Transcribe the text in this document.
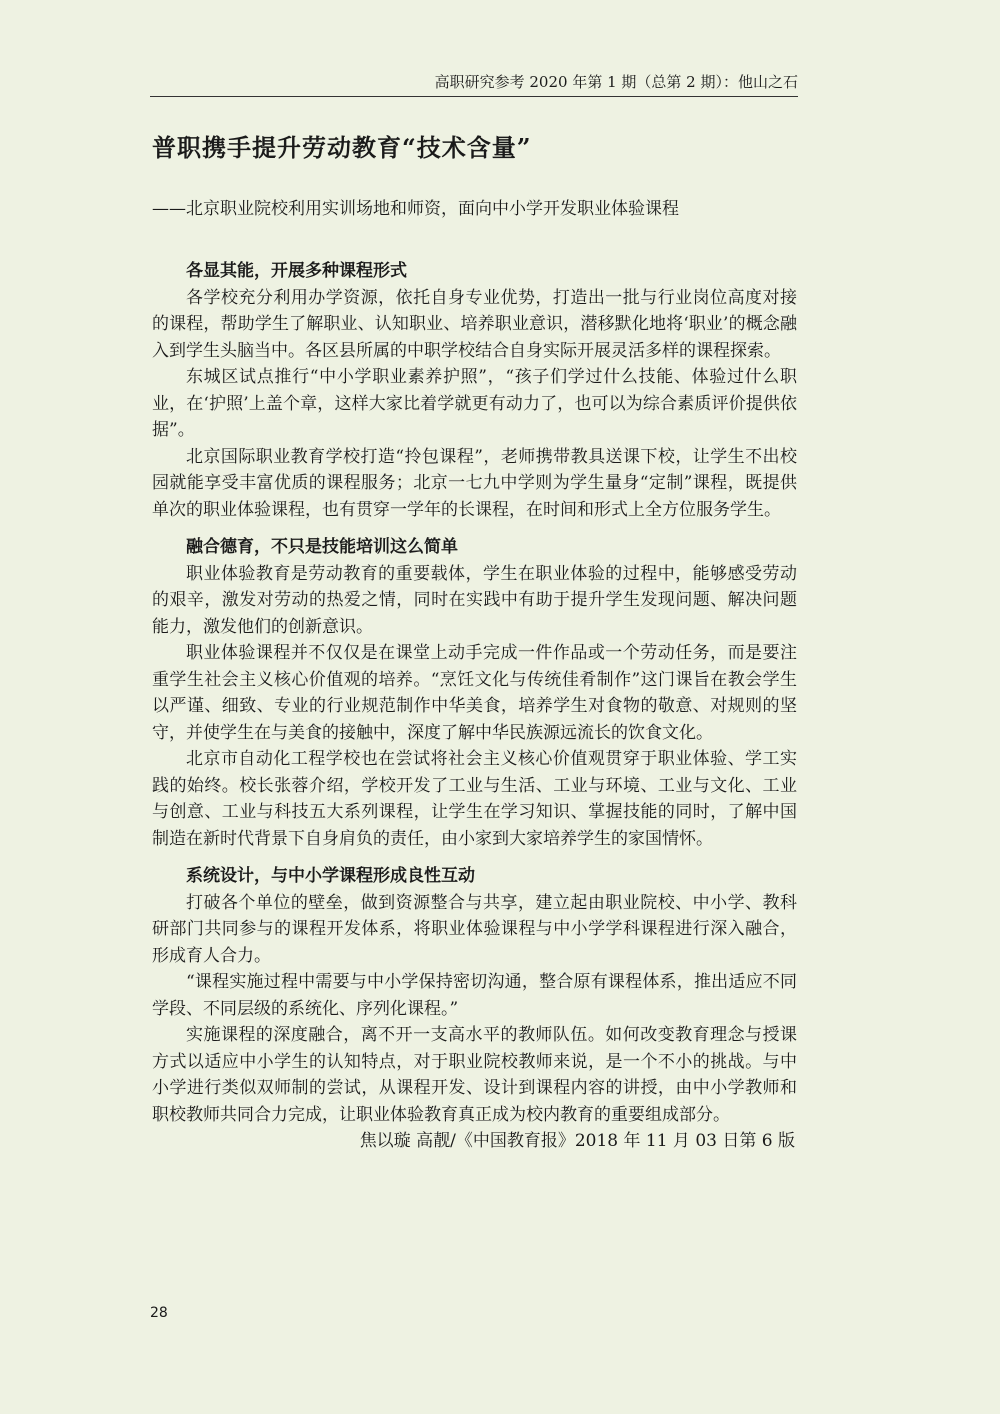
高职研究参考 2020 年第 1 期（总第 2 期）：他山之石
普职携手提升劳动教育“技术含量”
——北京职业院校利用实训场地和师资，面向中小学开发职业体验课程

各显其能，开展多种课程形式

各学校充分利用办学资源，依托自身专业优势，打造出一批与行业岗位高度对接的课程，帮助学生了解职业、认知职业、培养职业意识，潜移默化地将‘职业’的概念融入到学生头脑当中。各区县所属的中职学校结合自身实际开展灵活多样的课程探索。

东城区试点推行“中小学职业素养护照”，“孩子们学过什么技能、体验过什么职业，在‘护照’上盖个章，这样大家比着学就更有动力了，也可以为综合素质评价提供依据”。

北京国际职业教育学校打造“拎包课程”，老师携带教具送课下校，让学生不出校园就能享受丰富优质的课程服务；北京一七九中学则为学生量身“定制”课程，既提供单次的职业体验课程，也有贯穿一学年的长课程，在时间和形式上全方位服务学生。

融合德育，不只是技能培训这么简单

职业体验教育是劳动教育的重要载体，学生在职业体验的过程中，能够感受劳动的艰辛，激发对劳动的热爱之情，同时在实践中有助于提升学生发现问题、解决问题能力，激发他们的创新意识。

职业体验课程并不仅仅是在课堂上动手完成一件作品或一个劳动任务，而是要注重学生社会主义核心价值观的培养。“烹饪文化与传统佳肴制作”这门课旨在教会学生以严谨、细致、专业的行业规范制作中华美食，培养学生对食物的敬意、对规则的坚守，并使学生在与美食的接触中，深度了解中华民族源远流长的饮食文化。

北京市自动化工程学校也在尝试将社会主义核心价值观贯穿于职业体验、学工实践的始终。校长张蓉介绍，学校开发了工业与生活、工业与环境、工业与文化、工业与创意、工业与科技五大系列课程，让学生在学习知识、掌握技能的同时，了解中国制造在新时代背景下自身肩负的责任，由小家到大家培养学生的家国情怀。

系统设计，与中小学课程形成良性互动

打破各个单位的壁垒，做到资源整合与共享，建立起由职业院校、中小学、教科研部门共同参与的课程开发体系，将职业体验课程与中小学学科课程进行深入融合，形成育人合力。

“课程实施过程中需要与中小学保持密切沟通，整合原有课程体系，推出适应不同学段、不同层级的系统化、序列化课程。”

实施课程的深度融合，离不开一支高水平的教师队伍。如何改变教育理念与授课方式以适应中小学生的认知特点，对于职业院校教师来说，是一个不小的挑战。与中小学进行类似双师制的尝试，从课程开发、设计到课程内容的讲授，由中小学教师和职校教师共同合力完成，让职业体验教育真正成为校内教育的重要组成部分。

焦以璇 高靓/《中国教育报》2018 年 11 月 03 日第 6 版

28
